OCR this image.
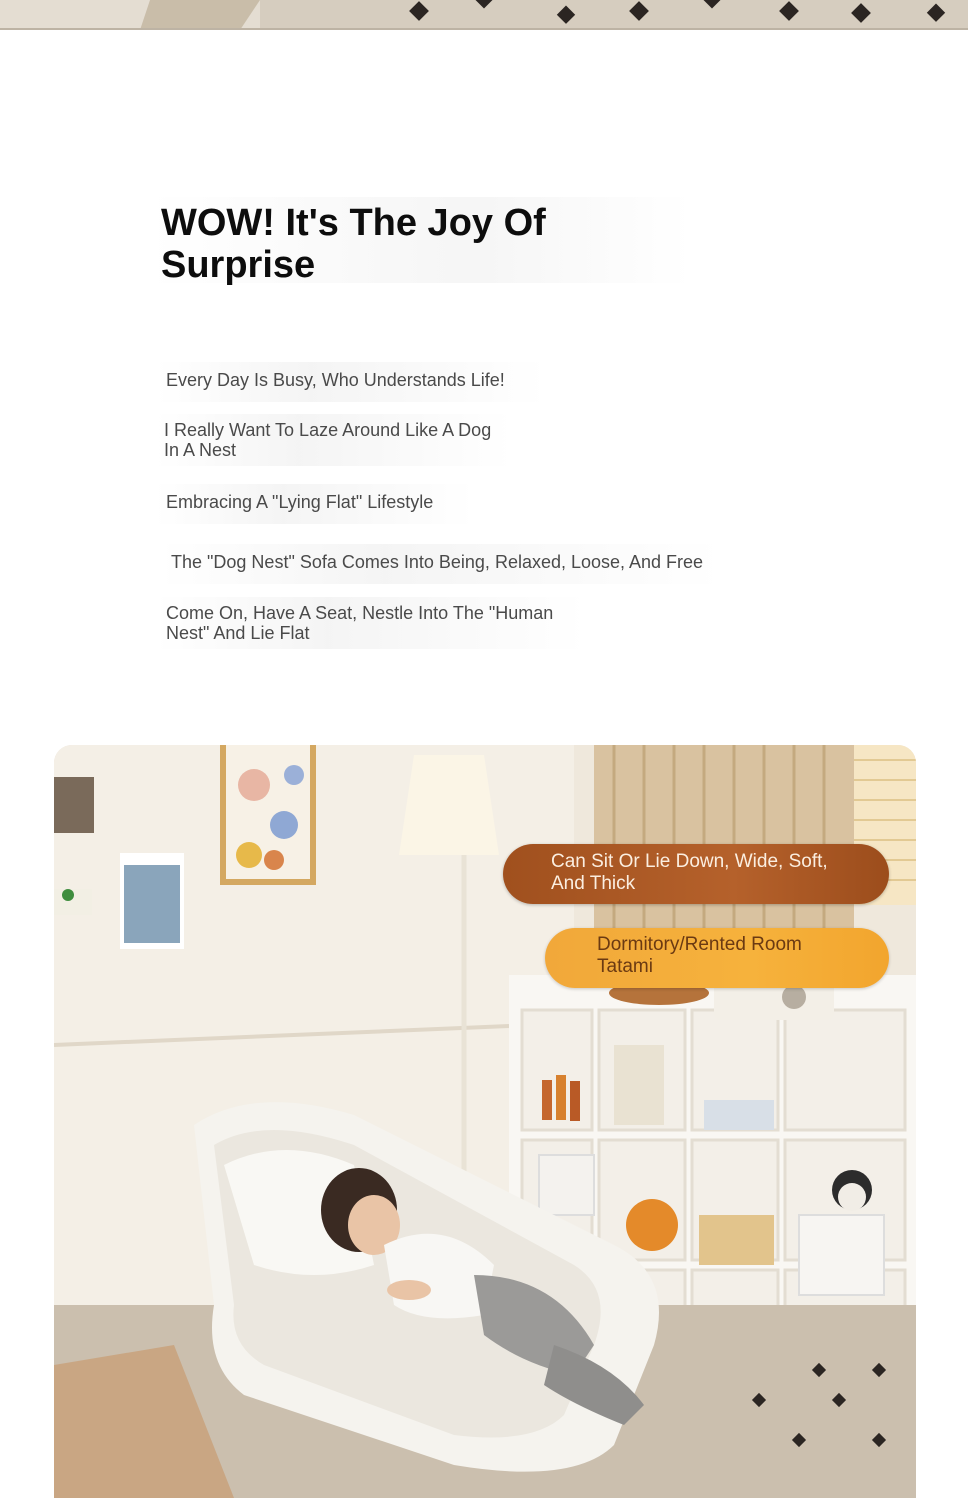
WOW! It's The Joy Of Surprise
Every Day Is Busy, Who Understands Life!
I Really Want To Laze Around Like A Dog In A Nest
Embracing A "Lying Flat" Lifestyle
The "Dog Nest" Sofa Comes Into Being, Relaxed, Loose, And Free
Come On, Have A Seat, Nestle Into The "Human Nest" And Lie Flat
Can Sit Or Lie Down, Wide, Soft, And Thick
Dormitory/Rented Room Tatami
